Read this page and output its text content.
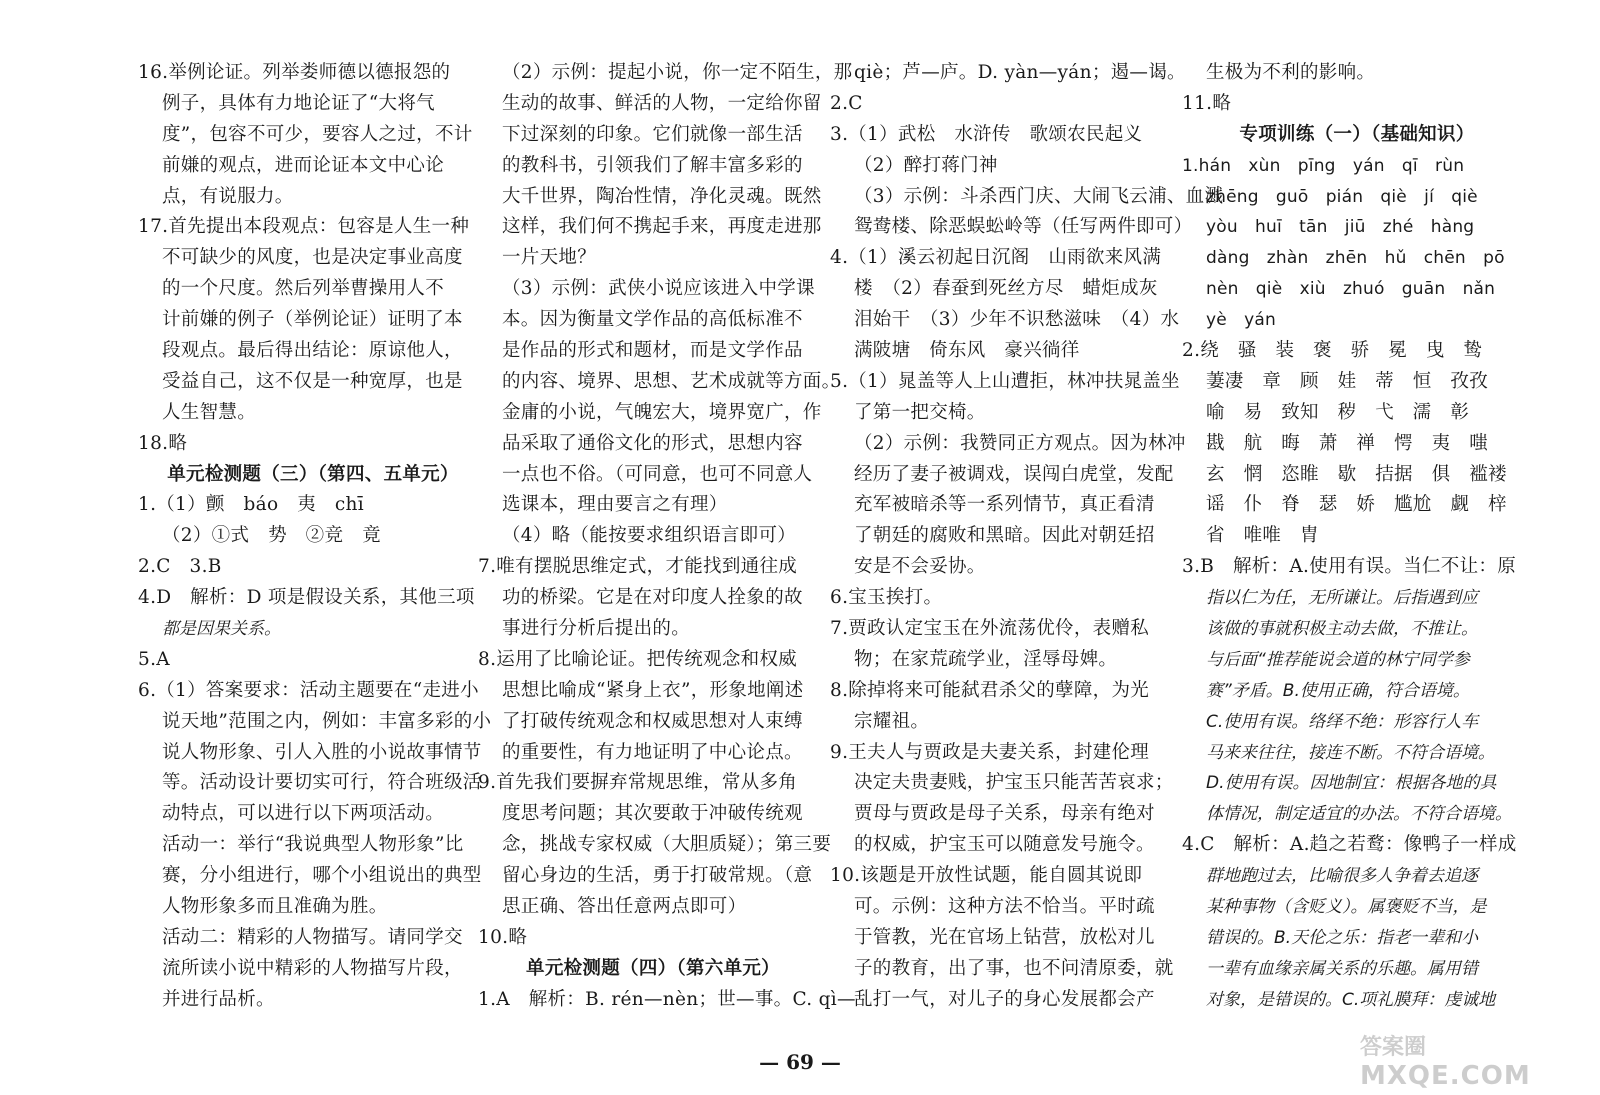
16.举例论证。列举娄师德以德报怨的
例子，具体有力地论证了“大将气
度”，包容不可少，要容人之过，不计
前嫌的观点，进而论证本文中心论
点，有说服力。
17.首先提出本段观点：包容是人生一种
不可缺少的风度，也是决定事业高度
的一个尺度。然后列举曹操用人不
计前嫌的例子（举例论证）证明了本
段观点。最后得出结论：原谅他人，
受益自己，这不仅是一种宽厚，也是
人生智慧。
18.略
单元检测题（三）（第四、五单元）
1.（1）颤　báo　夷　chī
（2）①式　势　②竞　竟
2.C　3.B
4.D　解析：D 项是假设关系，其他三项
都是因果关系。
5.A
6.（1）答案要求：活动主题要在“走进小
说天地”范围之内，例如：丰富多彩的小
说人物形象、引人入胜的小说故事情节
等。活动设计要切实可行，符合班级活
动特点，可以进行以下两项活动。
活动一：举行“我说典型人物形象”比
赛，分小组进行，哪个小组说出的典型
人物形象多而且准确为胜。
活动二：精彩的人物描写。请同学交
流所读小说中精彩的人物描写片段，
并进行品析。
（2）示例：提起小说，你一定不陌生，那
生动的故事、鲜活的人物，一定给你留
下过深刻的印象。它们就像一部生活
的教科书，引领我们了解丰富多彩的
大千世界，陶冶性情，净化灵魂。既然
这样，我们何不携起手来，再度走进那
一片天地？
（3）示例：武侠小说应该进入中学课
本。因为衡量文学作品的高低标准不
是作品的形式和题材，而是文学作品
的内容、境界、思想、艺术成就等方面。
金庸的小说，气魄宏大，境界宽广，作
品采取了通俗文化的形式，思想内容
一点也不俗。（可同意，也可不同意人
选课本，理由要言之有理）
（4）略（能按要求组织语言即可）
7.唯有摆脱思维定式，才能找到通往成
功的桥梁。它是在对印度人拴象的故
事进行分析后提出的。
8.运用了比喻论证。把传统观念和权威
思想比喻成“紧身上衣”，形象地阐述
了打破传统观念和权威思想对人束缚
的重要性，有力地证明了中心论点。
9.首先我们要摒弃常规思维，常从多角
度思考问题；其次要敢于冲破传统观
念，挑战专家权威（大胆质疑）；第三要
留心身边的生活，勇于打破常规。（意
思正确、答出任意两点即可）
10.略
单元检测题（四）（第六单元）
1.A　解析：B. rén—nèn；世—事。C. qì—
qiè；芦—庐。D. yàn—yán；遏—谒。
2.C
3.（1）武松　水浒传　歌颂农民起义
（2）醉打蒋门神
（3）示例：斗杀西门庆、大闹飞云浦、血溅
鸳鸯楼、除恶蜈蚣岭等（任写两件即可）
4.（1）溪云初起日沉阁　山雨欲来风满
楼　（2）春蚕到死丝方尽　蜡炬成灰
泪始干　（3）少年不识愁滋味　（4）水
满陂塘　倚东风　豪兴徜徉
5.（1）晁盖等人上山遭拒，林冲扶晁盖坐
了第一把交椅。
（2）示例：我赞同正方观点。因为林冲
经历了妻子被调戏，误闯白虎堂，发配
充军被暗杀等一系列情节，真正看清
了朝廷的腐败和黑暗。因此对朝廷招
安是不会妥协。
6.宝玉挨打。
7.贾政认定宝玉在外流荡优伶，表赠私
物；在家荒疏学业，淫辱母婢。
8.除掉将来可能弑君杀父的孽障，为光
宗耀祖。
9.王夫人与贾政是夫妻关系，封建伦理
决定夫贵妻贱，护宝玉只能苦苦哀求；
贾母与贾政是母子关系，母亲有绝对
的权威，护宝玉可以随意发号施令。
10.该题是开放性试题，能自圆其说即
可。示例：这种方法不恰当。平时疏
于管教，光在官场上钻营，放松对儿
子的教育，出了事，也不问清原委，就
乱打一气，对儿子的身心发展都会产
生极为不利的影响。
11.略
专项训练（一）（基础知识）
1.hán　xùn　pīng　yán　qī　rùn
zhēng　guō　pián　qiè　jí　qiè
yòu　huī　tān　jiū　zhé　hàng
dàng　zhàn　zhēn　hǔ　chēn　pō
nèn　qiè　xiù　zhuó　guān　nǎn
yè　yán
2.绕　骚　装　褒　骄　冕　曳　鸷
萋凄　章　顾　娃　蒂　恒　孜孜
喻　易　致知　秽　弋　濡　彰
戡　航　晦　萧　禅　愕　夷　嗤
玄　惘　恣睢　歇　拮据　俱　褴褛
谣　仆　脊　瑟　娇　尴尬　觑　梓
省　唯唯　胄
3.B　解析：A.使用有误。当仁不让：原
指以仁为任，无所谦让。后指遇到应
该做的事就积极主动去做，不推让。
与后面“推荐能说会道的林宁同学参
赛”矛盾。B.使用正确，符合语境。
C.使用有误。络绎不绝：形容行人车
马来来往往，接连不断。不符合语境。
D.使用有误。因地制宜：根据各地的具
体情况，制定适宜的办法。不符合语境。
4.C　解析：A.趋之若鹜：像鸭子一样成
群地跑过去，比喻很多人争着去追逐
某种事物（含贬义）。属褒贬不当，是
错误的。B.天伦之乐：指老一辈和小
一辈有血缘亲属关系的乐趣。属用错
对象，是错误的。C.项礼膜拜：虔诚地
— 69 —
答案圈
MXQE.COM
